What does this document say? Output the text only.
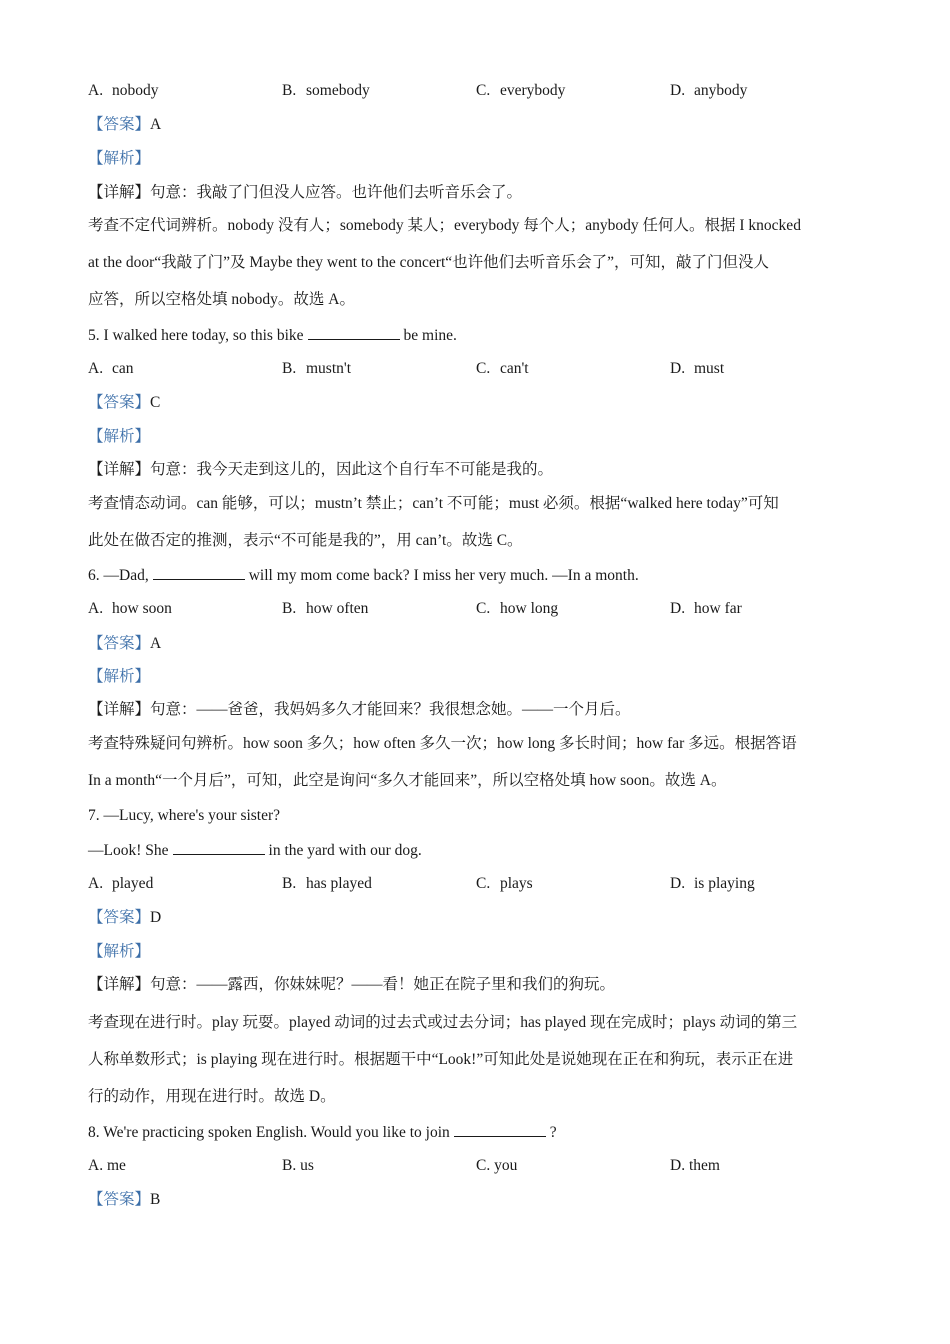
A. nobody	B. somebody	C. everybody	D. anybody
【答案】A
【解析】
【详解】句意：我敲了门但没人应答。也许他们去听音乐会了。
考查不定代词辨析。nobody 没有人；somebody 某人；everybody 每个人；anybody 任何人。根据 I knocked
at the door“我敲了门”及 Maybe they went to the concert“也许他们去听音乐会了”，可知，敲了门但没人
应答，所以空格处填 nobody。故选 A。
5. I walked here today, so this bike	be mine.
A. can	B. mustn't	C. can't	D. must
【答案】C
【解析】
【详解】句意：我今天走到这儿的，因此这个自行车不可能是我的。
考查情态动词。can 能够，可以；mustn’t 禁止；can’t 不可能；must 必须。根据“walked here today”可知
此处在做否定的推测，表示“不可能是我的”，用 can’t。故选 C。
6. —Dad,	will my mom come back? I miss her very much. —In a month.
A. how soon	B. how often	C. how long	D. how far
【答案】A
【解析】
【详解】句意：——爸爸，我妈妈多久才能回来？我很想念她。——一个月后。
考查特殊疑问句辨析。how soon 多久；how often 多久一次；how long 多长时间；how far 多远。根据答语
In a month“一个月后”，可知，此空是询问“多久才能回来”，所以空格处填 how soon。故选 A。
7. —Lucy, where's your sister?
—Look! She	in the yard with our dog.
A. played	B. has played	C. plays	D. is playing
【答案】D
【解析】
【详解】句意：——露西，你妹妹呢？——看！她正在院子里和我们的狗玩。
考查现在进行时。play 玩耍。played 动词的过去式或过去分词；has played 现在完成时；plays 动词的第三
人称单数形式；is playing 现在进行时。根据题干中“Look!”可知此处是说她现在正在和狗玩，表示正在进
行的动作，用现在进行时。故选 D。
8. We're practicing spoken English. Would you like to join	?
A. me	B. us	C. you	D. them
【答案】B
